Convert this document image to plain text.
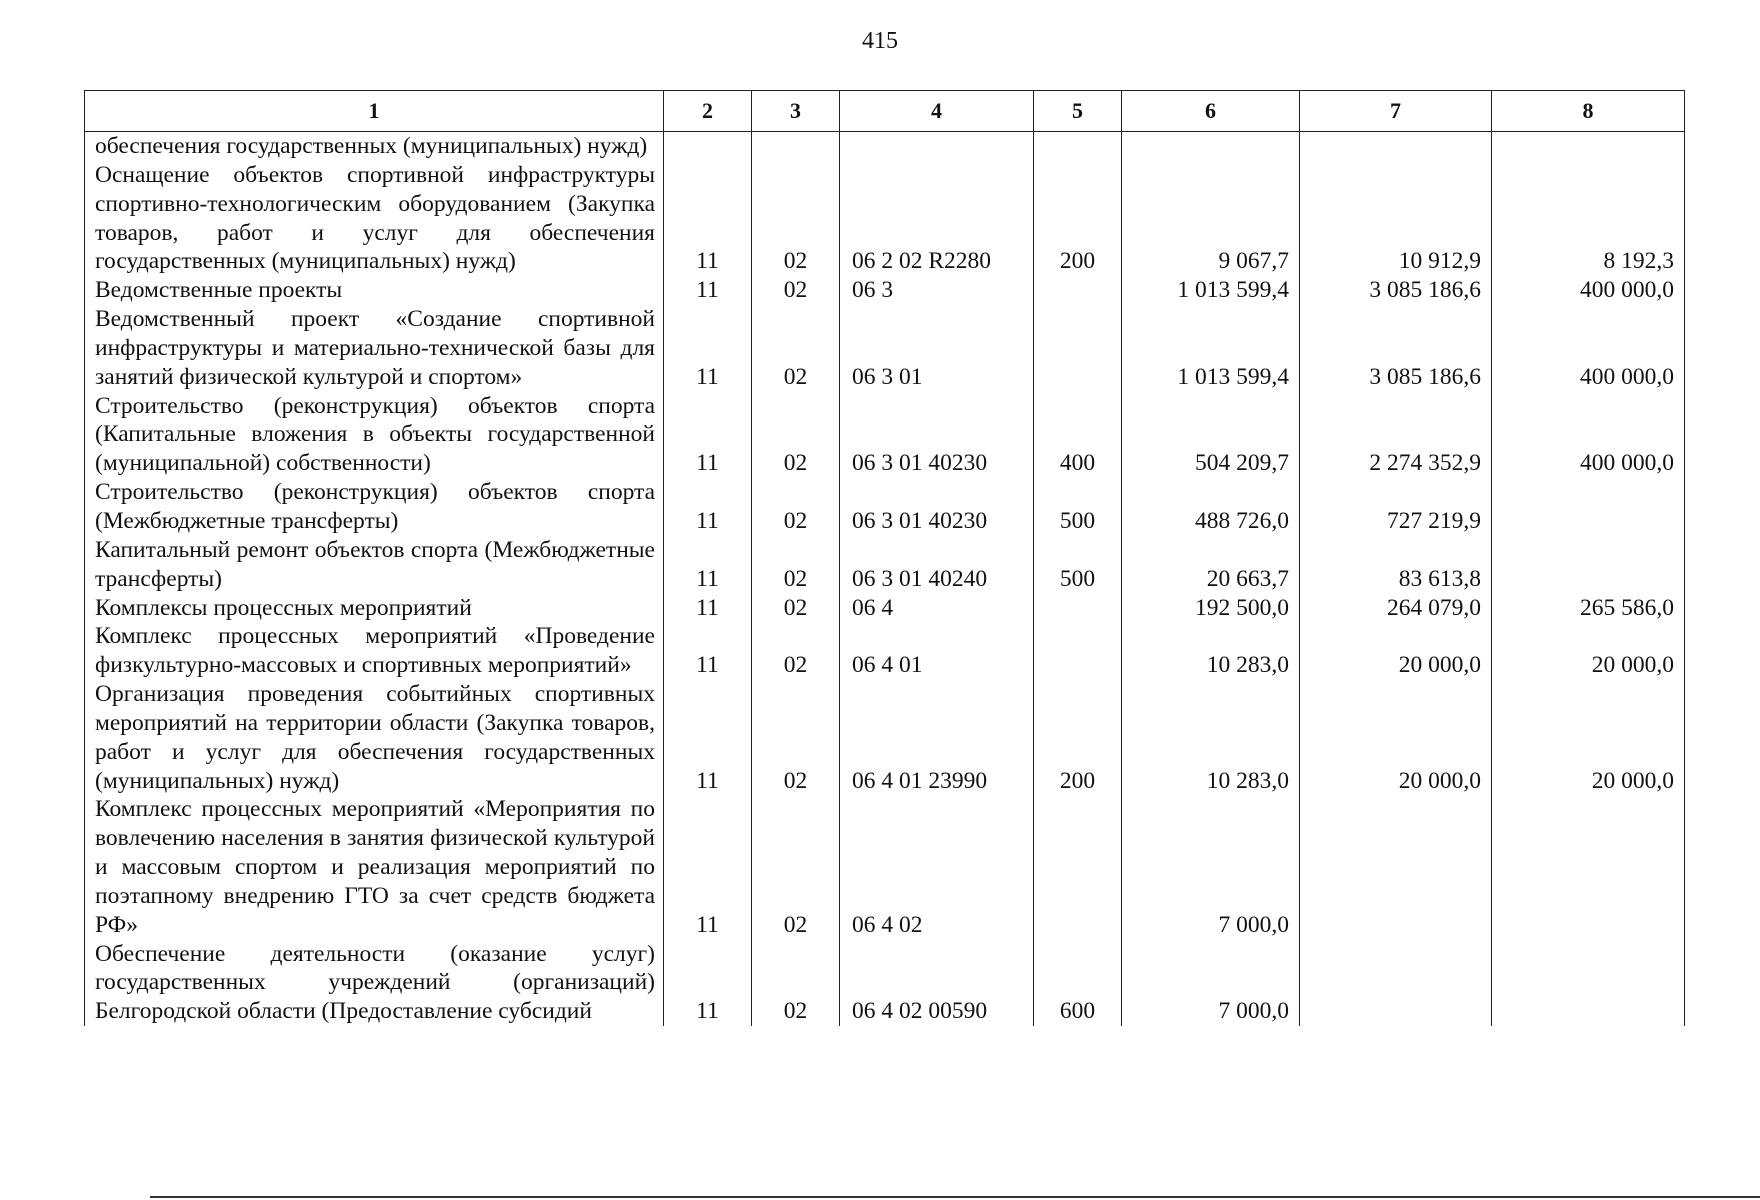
415
1	2	3	4	5	6	7	8
обеспечения государственных (муниципальных) нужд)							
Оснащение объектов спортивной инфраструктуры спортивно-технологическим оборудованием (Закупка товаров, работ и услуг для обеспечения государственных (муниципальных) нужд)	11	02	06 2 02 R2280	200	9 067,7	10 912,9	8 192,3
Ведомственные проекты	11	02	06 3		1 013 599,4	3 085 186,6	400 000,0
Ведомственный проект «Создание спортивной инфраструктуры и материально-технической базы для занятий физической культурой и спортом»	11	02	06 3 01		1 013 599,4	3 085 186,6	400 000,0
Строительство (реконструкция) объектов спорта (Капитальные вложения в объекты государственной (муниципальной) собственности)	11	02	06 3 01 40230	400	504 209,7	2 274 352,9	400 000,0
Строительство (реконструкция) объектов спорта (Межбюджетные трансферты)	11	02	06 3 01 40230	500	488 726,0	727 219,9	
Капитальный ремонт объектов спорта (Межбюджетные трансферты)	11	02	06 3 01 40240	500	20 663,7	83 613,8	
Комплексы процессных мероприятий	11	02	06 4		192 500,0	264 079,0	265 586,0
Комплекс процессных мероприятий «Проведение физкультурно-массовых и спортивных мероприятий»	11	02	06 4 01		10 283,0	20 000,0	20 000,0
Организация проведения событийных спортивных мероприятий на территории области (Закупка товаров, работ и услуг для обеспечения государственных (муниципальных) нужд)	11	02	06 4 01 23990	200	10 283,0	20 000,0	20 000,0
Комплекс процессных мероприятий «Мероприятия по вовлечению населения в занятия физической культурой и массовым спортом и реализация мероприятий по поэтапному внедрению ГТО за счет средств бюджета РФ»	11	02	06 4 02		7 000,0		
Обеспечение деятельности (оказание услуг) государственных учреждений (организаций) Белгородской области (Предоставление субсидий	11	02	06 4 02 00590	600	7 000,0		
